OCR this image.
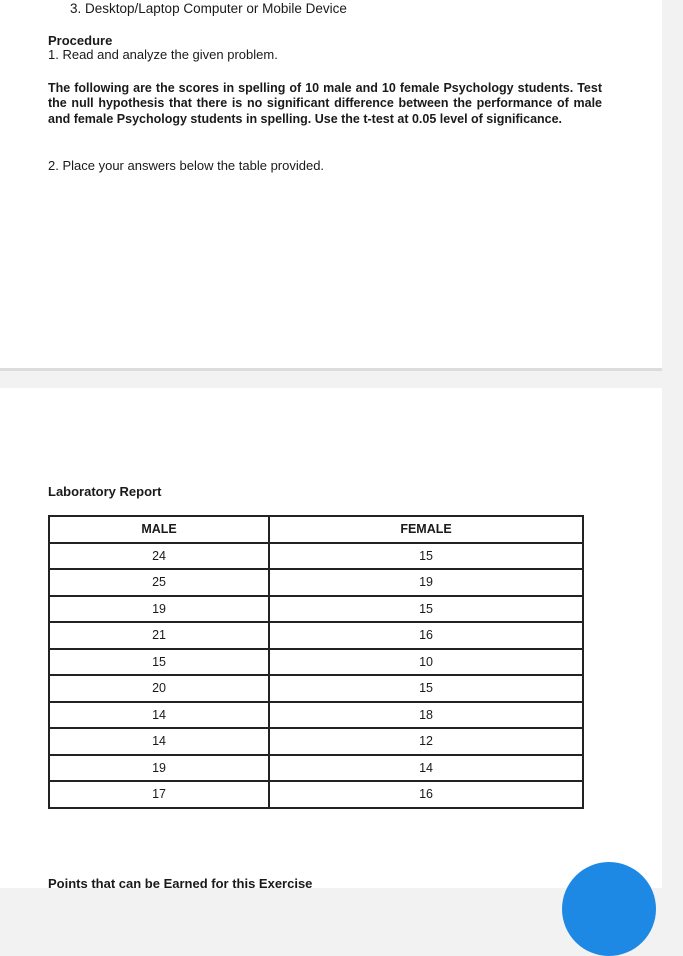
3. Desktop/Laptop Computer or Mobile Device
Procedure
1. Read and analyze the given problem.
The following are the scores in spelling of 10 male and 10 female Psychology students. Test the null hypothesis that there is no significant difference between the performance of male and female Psychology students in spelling. Use the t-test at 0.05 level of significance.
2. Place your answers below the table provided.
Laboratory Report
MALE	FEMALE
24	15
25	19
19	15
21	16
15	10
20	15
14	18
14	12
19	14
17	16
Points that can be Earned for this Exercise
